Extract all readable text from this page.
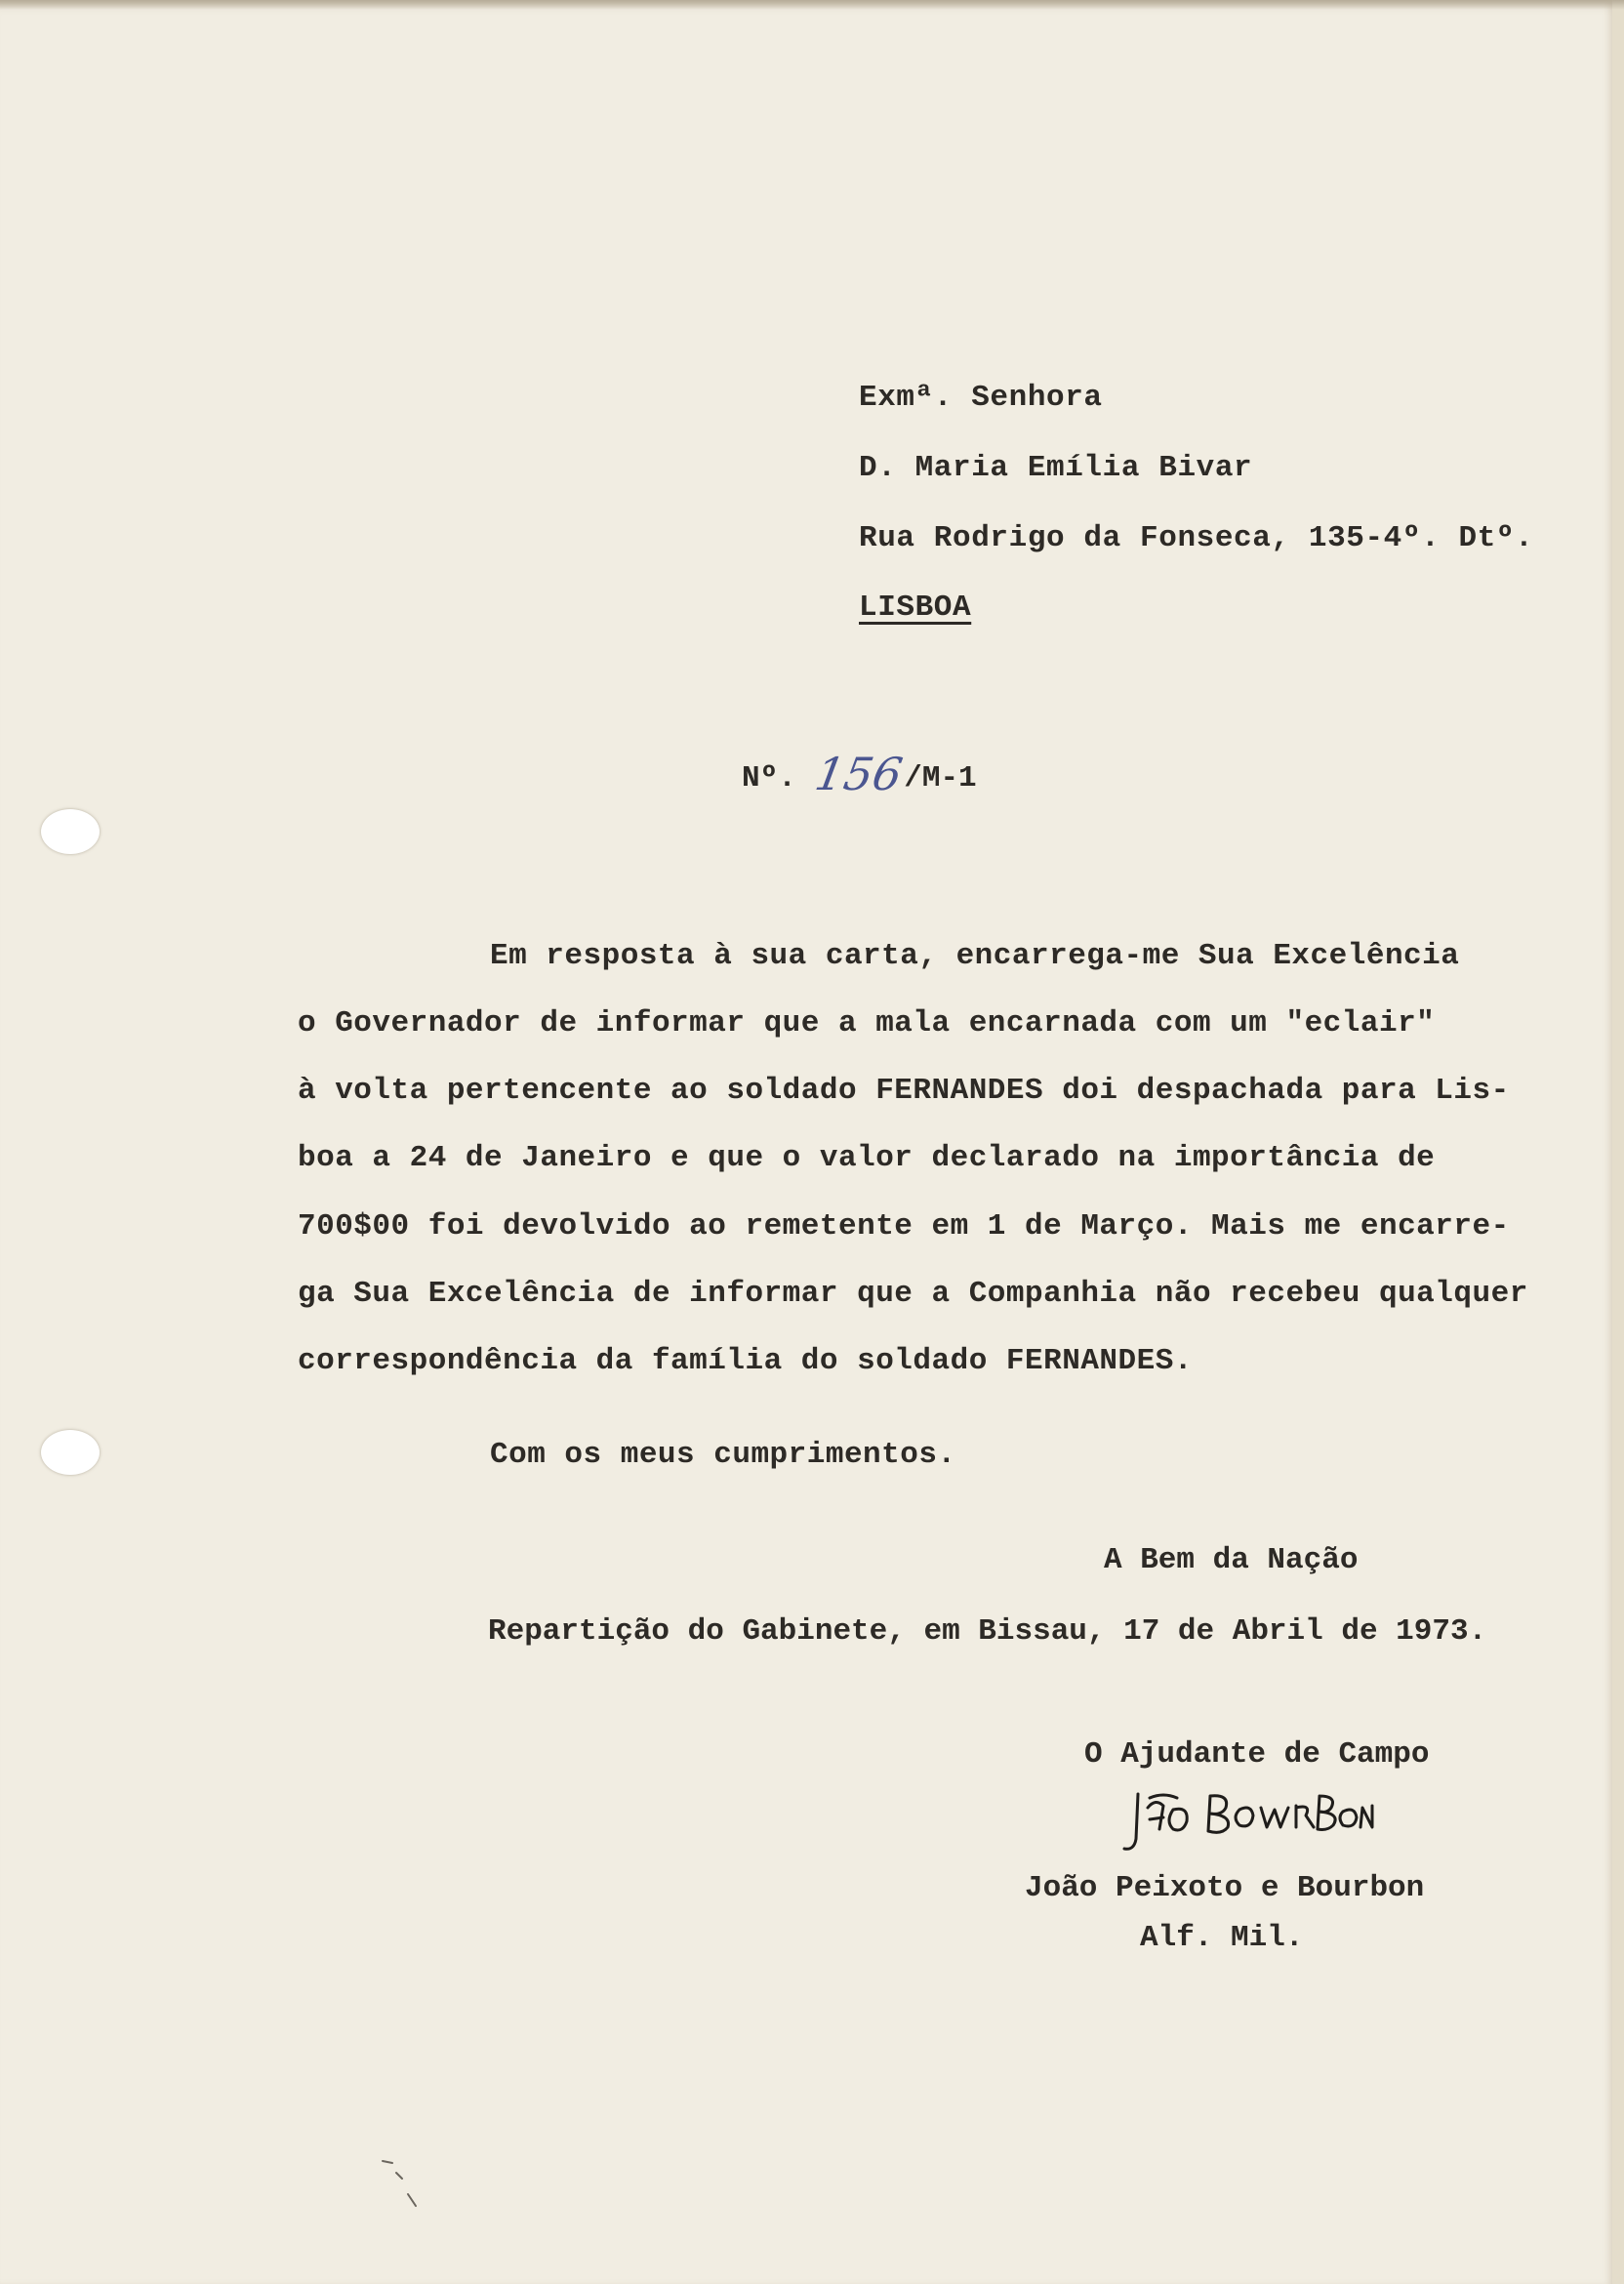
Exmª. Senhora
D. Maria Emília Bivar
Rua Rodrigo da Fonseca, 135-4º. Dtº.
LISBOA
Nº. 156/M-1
Em resposta à sua carta, encarrega-me Sua Excelência
o Governador de informar que a mala encarnada com um "eclair"
à volta pertencente ao soldado FERNANDES doi despachada para Lis-
boa a 24 de Janeiro e que o valor declarado na importância de
700$00 foi devolvido ao remetente em 1 de Março. Mais me encarre-
ga Sua Excelência de informar que a Companhia não recebeu qualquer
correspondência da família do soldado FERNANDES.
Com os meus cumprimentos.
A Bem da Nação
Repartição do Gabinete, em Bissau, 17 de Abril de 1973.
O Ajudante de Campo
João Peixoto e Bourbon
Alf. Mil.
